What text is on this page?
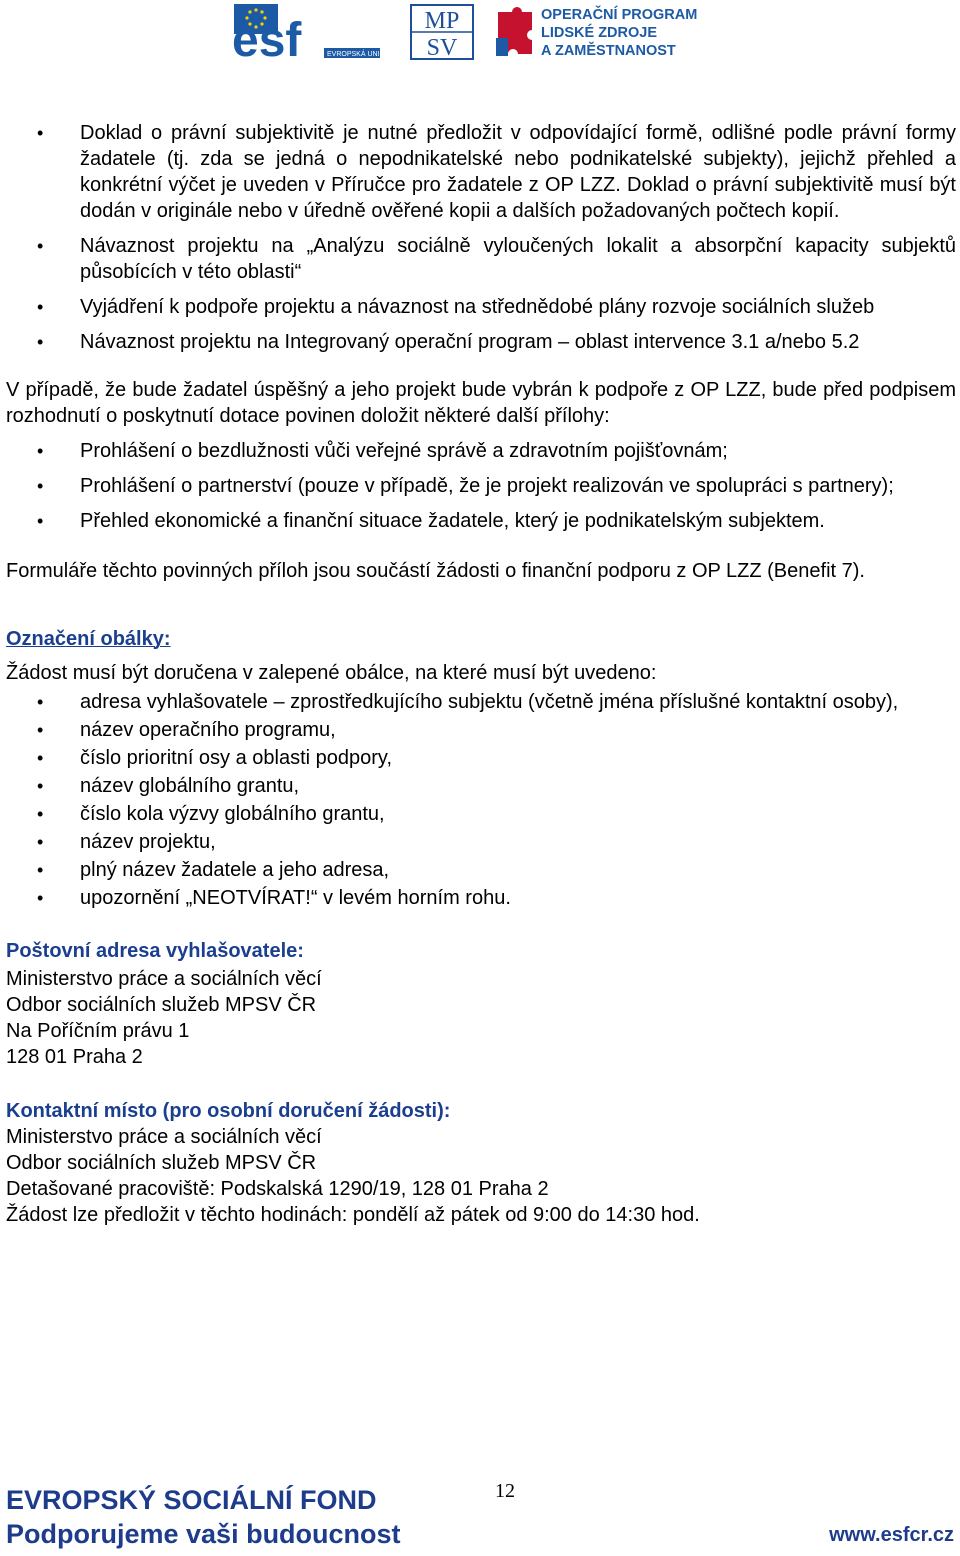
esf	EVROPSKÁ UNIE
MP
SV
OPERAČNÍ PROGRAM
LIDSKÉ ZDROJE
A ZAMĚSTNANOST
• Doklad o právní subjektivitě je nutné předložit v odpovídající formě, odlišné podle právní formy žadatele (tj. zda se jedná o nepodnikatelské nebo podnikatelské subjekty), jejichž přehled a konkrétní výčet je uveden v Příručce pro žadatele z OP LZZ. Doklad o právní subjektivitě musí být dodán v originále nebo v úředně ověřené kopii a dalších požadovaných počtech kopií.
• Návaznost projektu na „Analýzu sociálně vyloučených lokalit a absorpční kapacity subjektů působících v této oblasti“
• Vyjádření k podpoře projektu a návaznost na střednědobé plány rozvoje sociálních služeb
• Návaznost projektu na Integrovaný operační program – oblast intervence 3.1 a/nebo 5.2

V případě, že bude žadatel úspěšný a jeho projekt bude vybrán k podpoře z OP LZZ, bude před podpisem rozhodnutí o poskytnutí dotace povinen doložit některé další přílohy:

• Prohlášení o bezdlužnosti vůči veřejné správě a zdravotním pojišťovnám;
• Prohlášení o partnerství (pouze v případě, že je projekt realizován ve spolupráci s partnery);
• Přehled ekonomické a finanční situace žadatele, který je podnikatelským subjektem.

Formuláře těchto povinných příloh jsou součástí žádosti o finanční podporu z OP LZZ (Benefit 7).

Označení obálky:
Žádost musí být doručena v zalepené obálce, na které musí být uvedeno:
• adresa vyhlašovatele – zprostředkujícího subjektu (včetně jména příslušné kontaktní osoby),
• název operačního programu,
• číslo prioritní osy a oblasti podpory,
• název globálního grantu,
• číslo kola výzvy globálního grantu,
• název projektu,
• plný název žadatele a jeho adresa,
• upozornění „NEOTVÍRAT!“ v levém horním rohu.
Poštovní adresa vyhlašovatele:
Ministerstvo práce a sociálních věcí
Odbor sociálních služeb MPSV ČR
Na Poříčním právu 1
128 01 Praha 2
Kontaktní místo (pro osobní doručení žádosti):
Ministerstvo práce a sociálních věcí
Odbor sociálních služeb MPSV ČR
Detašované pracoviště: Podskalská 1290/19, 128 01 Praha 2
Žádost lze předložit v těchto hodinách: pondělí až pátek od 9:00 do 14:30 hod.
EVROPSKÝ SOCIÁLNÍ FOND
Podporujeme vaši budoucnost
12
www.esfcr.cz
